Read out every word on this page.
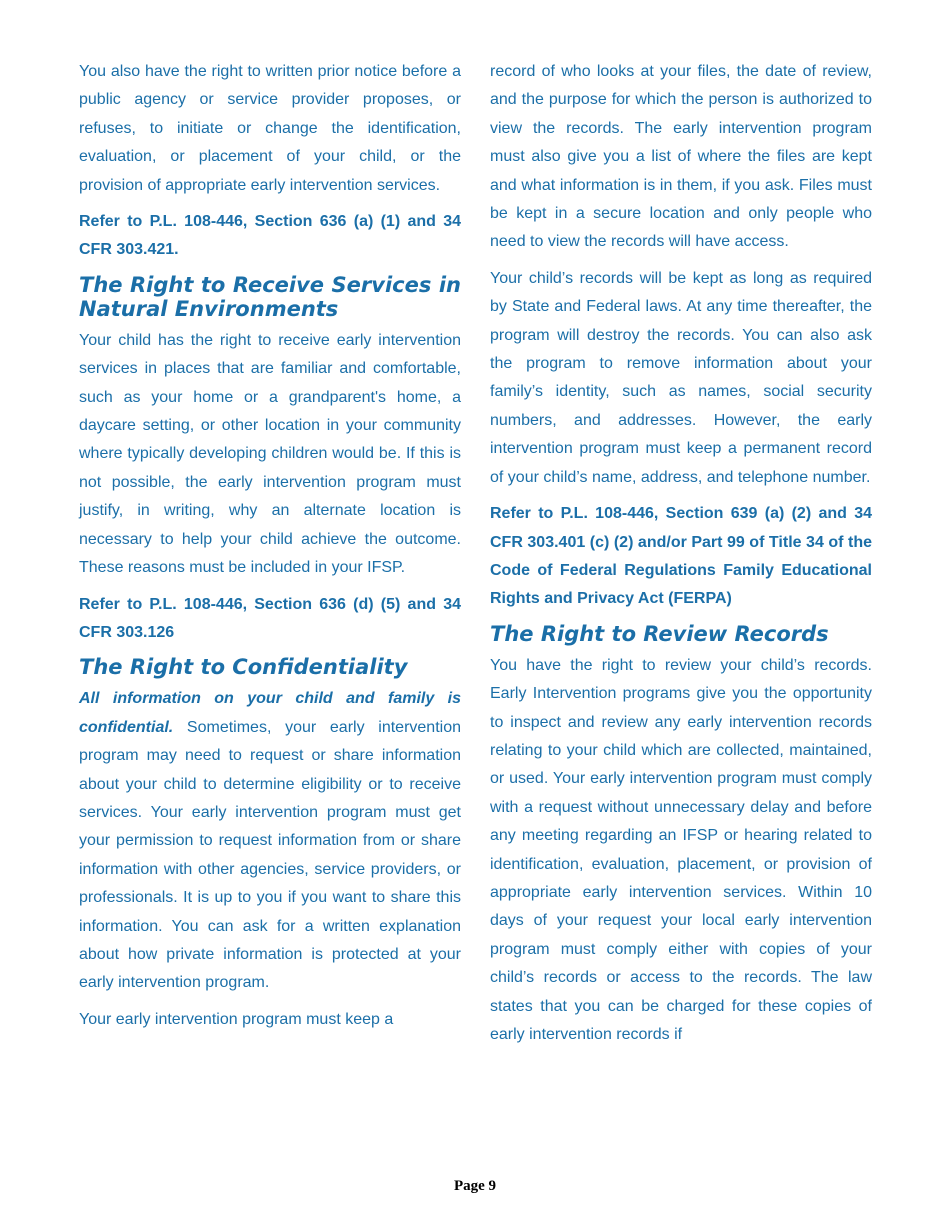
You also have the right to written prior notice before a public agency or service provider proposes, or refuses, to initiate or change the identification, evaluation, or placement of your child, or the provision of appropriate early intervention services.

Refer to P.L. 108-446, Section 636 (a) (1) and 34 CFR 303.421.

The Right to Receive Services in Natural Environments

Your child has the right to receive early intervention services in places that are familiar and comfortable, such as your home or a grandparent's home, a daycare setting, or other location in your community where typically developing children would be. If this is not possible, the early intervention program must justify, in writing, why an alternate location is necessary to help your child achieve the outcome. These reasons must be included in your IFSP.

Refer to P.L. 108-446, Section 636 (d) (5) and 34 CFR 303.126

The Right to Confidentiality

All information on your child and family is confidential. Sometimes, your early intervention program may need to request or share information about your child to determine eligibility or to receive services. Your early intervention program must get your permission to request information from or share information with other agencies, service providers, or professionals. It is up to you if you want to share this information. You can ask for a written explanation about how private information is protected at your early intervention program.

Your early intervention program must keep a

record of who looks at your files, the date of review, and the purpose for which the person is authorized to view the records. The early intervention program must also give you a list of where the files are kept and what information is in them, if you ask. Files must be kept in a secure location and only people who need to view the records will have access.

Your child’s records will be kept as long as required by State and Federal laws. At any time thereafter, the program will destroy the records. You can also ask the program to remove information about your family’s identity, such as names, social security numbers, and addresses. However, the early intervention program must keep a permanent record of your child’s name, address, and telephone number.

Refer to P.L. 108-446, Section 639 (a) (2) and 34 CFR 303.401 (c) (2) and/or Part 99 of Title 34 of the Code of Federal Regulations Family Educational Rights and Privacy Act (FERPA)

The Right to Review Records

You have the right to review your child’s records. Early Intervention programs give you the opportunity to inspect and review any early intervention records relating to your child which are collected, maintained, or used. Your early intervention program must comply with a request without unnecessary delay and before any meeting regarding an IFSP or hearing related to identification, evaluation, placement, or provision of appropriate early intervention services. Within 10 days of your request your local early intervention program must comply either with copies of your child’s records or access to the records. The law states that you can be charged for these copies of early intervention records if

Page 9
